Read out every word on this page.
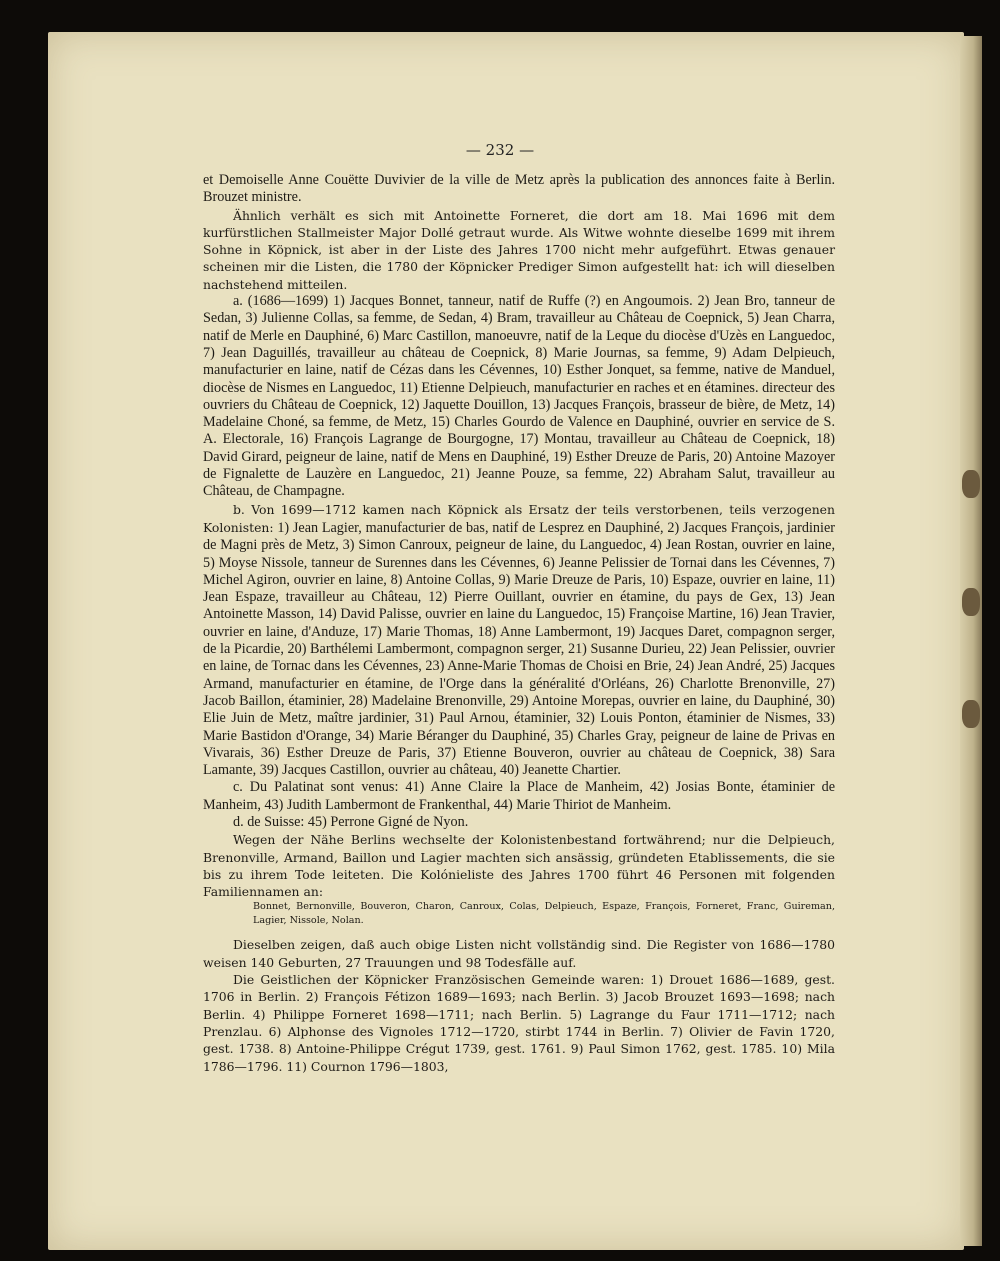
— 232 —

et Demoiselle Anne Couëtte Duvivier de la ville de Metz après la publication des annonces faite à Berlin. Brouzet ministre.

Ähnlich verhält es sich mit Antoinette Forneret, die dort am 18. Mai 1696 mit dem kurfürstlichen Stallmeister Major Dollé getraut wurde. Als Witwe wohnte dieselbe 1699 mit ihrem Sohne in Köpnick, ist aber in der Liste des Jahres 1700 nicht mehr aufgeführt. Etwas genauer scheinen mir die Listen, die 1780 der Köpnicker Prediger Simon aufgestellt hat: ich will dieselben nachstehend mitteilen.

a. (1686—1699) 1) Jacques Bonnet, tanneur, natif de Ruffe (?) en Angoumois. 2) Jean Bro, tanneur de Sedan, 3) Julienne Collas, sa femme, de Sedan, 4) Bram, travailleur au Château de Coepnick, 5) Jean Charra, natif de Merle en Dauphiné, 6) Marc Castillon, manoeuvre, natif de la Leque du diocèse d'Uzès en Languedoc, 7) Jean Daguillés, travailleur au château de Coepnick, 8) Marie Journas, sa femme, 9) Adam Delpieuch, manufacturier en laine, natif de Cézas dans les Cévennes, 10) Esther Jonquet, sa femme, native de Manduel, diocèse de Nismes en Languedoc, 11) Etienne Delpieuch, manufacturier en raches et en étamines. directeur des ouvriers du Château de Coepnick, 12) Jaquette Douillon, 13) Jacques François, brasseur de bière, de Metz, 14) Madelaine Choné, sa femme, de Metz, 15) Charles Gourdo de Valence en Dauphiné, ouvrier en service de S. A. Electorale, 16) François Lagrange de Bourgogne, 17) Montau, travailleur au Château de Coepnick, 18) David Girard, peigneur de laine, natif de Mens en Dauphiné, 19) Esther Dreuze de Paris, 20) Antoine Mazoyer de Fignalette de Lauzère en Languedoc, 21) Jeanne Pouze, sa femme, 22) Abraham Salut, travailleur au Château, de Champagne.

b. Von 1699—1712 kamen nach Köpnick als Ersatz der teils verstorbenen, teils verzogenen Kolonisten: 1) Jean Lagier, manufacturier de bas, natif de Lesprez en Dauphiné, 2) Jacques François, jardinier de Magni près de Metz, 3) Simon Canroux, peigneur de laine, du Languedoc, 4) Jean Rostan, ouvrier en laine, 5) Moyse Nissole, tanneur de Surennes dans les Cévennes, 6) Jeanne Pelissier de Tornai dans les Cévennes, 7) Michel Agiron, ouvrier en laine, 8) Antoine Collas, 9) Marie Dreuze de Paris, 10) Espaze, ouvrier en laine, 11) Jean Espaze, travailleur au Château, 12) Pierre Ouillant, ouvrier en étamine, du pays de Gex, 13) Jean Antoinette Masson, 14) David Palisse, ouvrier en laine du Languedoc, 15) Françoise Martine, 16) Jean Travier, ouvrier en laine, d'Anduze, 17) Marie Thomas, 18) Anne Lambermont, 19) Jacques Daret, compagnon serger, de la Picardie, 20) Barthélemi Lambermont, compagnon serger, 21) Susanne Durieu, 22) Jean Pelissier, ouvrier en laine, de Tornac dans les Cévennes, 23) Anne-Marie Thomas de Choisi en Brie, 24) Jean André, 25) Jacques Armand, manufacturier en étamine, de l'Orge dans la généralité d'Orléans, 26) Charlotte Brenonville, 27) Jacob Baillon, étaminier, 28) Madelaine Brenonville, 29) Antoine Morepas, ouvrier en laine, du Dauphiné, 30) Elie Juin de Metz, maître jardinier, 31) Paul Arnou, étaminier, 32) Louis Ponton, étaminier de Nismes, 33) Marie Bastidon d'Orange, 34) Marie Béranger du Dauphiné, 35) Charles Gray, peigneur de laine de Privas en Vivarais, 36) Esther Dreuze de Paris, 37) Etienne Bouveron, ouvrier au château de Coepnick, 38) Sara Lamante, 39) Jacques Castillon, ouvrier au château, 40) Jeanette Chartier.

c. Du Palatinat sont venus: 41) Anne Claire la Place de Manheim, 42) Josias Bonte, étaminier de Manheim, 43) Judith Lambermont de Frankenthal, 44) Marie Thiriot de Manheim.

d. de Suisse: 45) Perrone Gigné de Nyon.

Wegen der Nähe Berlins wechselte der Kolonistenbestand fortwährend; nur die Delpieuch, Brenonville, Armand, Baillon und Lagier machten sich ansässig, gründeten Etablissements, die sie bis zu ihrem Tode leiteten. Die Kolónieliste des Jahres 1700 führt 46 Personen mit folgenden Familiennamen an:

Bonnet, Bernonville, Bouveron, Charon, Canroux, Colas, Delpieuch, Espaze, François, Forneret, Franc, Guireman, Lagier, Nissole, Nolan.

Dieselben zeigen, daß auch obige Listen nicht vollständig sind. Die Register von 1686—1780 weisen 140 Geburten, 27 Trauungen und 98 Todesfälle auf.

Die Geistlichen der Köpnicker Französischen Gemeinde waren: 1) Drouet 1686—1689, gest. 1706 in Berlin. 2) François Fétizon 1689—1693; nach Berlin. 3) Jacob Brouzet 1693—1698; nach Berlin. 4) Philippe Forneret 1698—1711; nach Berlin. 5) Lagrange du Faur 1711—1712; nach Prenzlau. 6) Alphonse des Vignoles 1712—1720, stirbt 1744 in Berlin. 7) Olivier de Favin 1720, gest. 1738. 8) Antoine-Philippe Crégut 1739, gest. 1761. 9) Paul Simon 1762, gest. 1785. 10) Mila 1786—1796. 11) Cournon 1796—1803,
